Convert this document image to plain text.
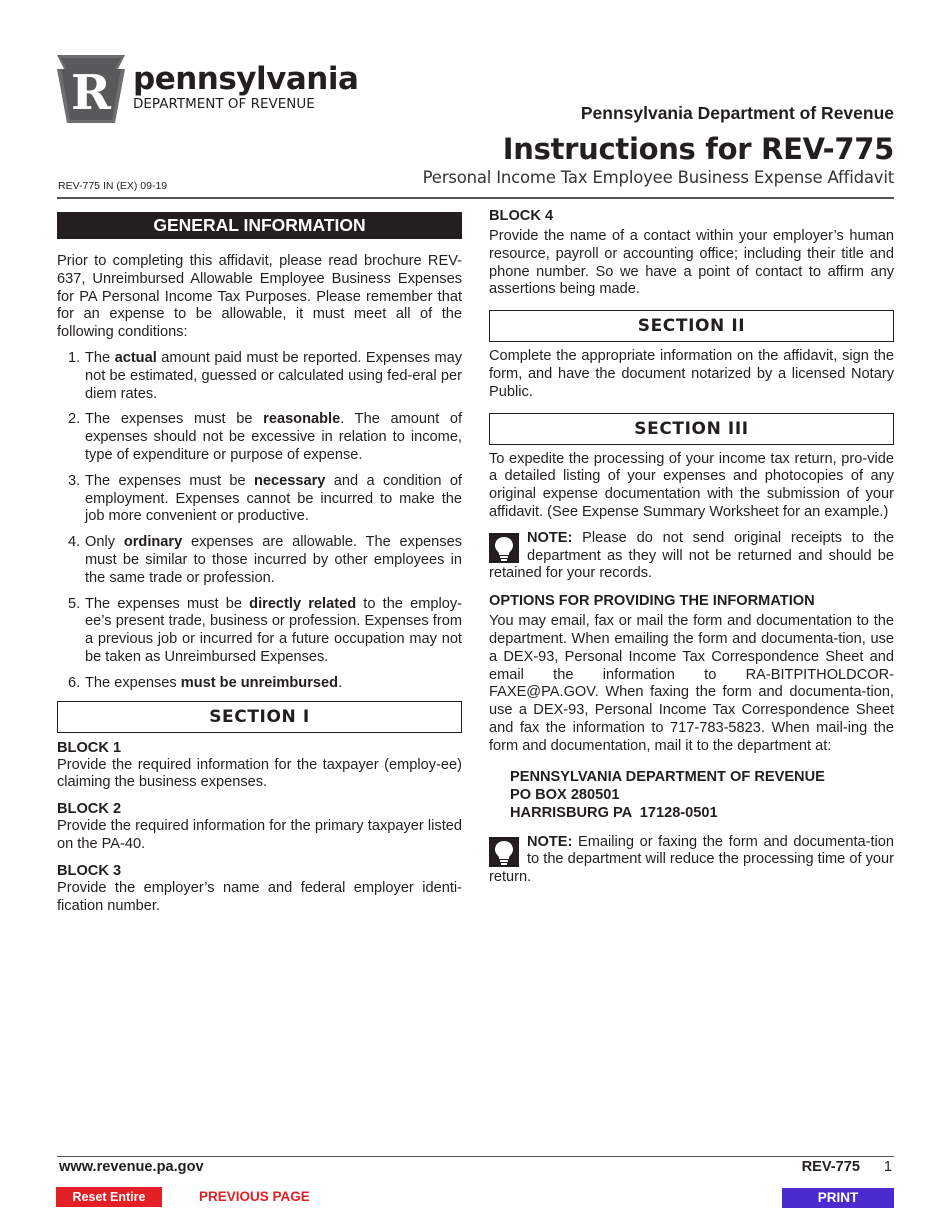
R pennsylvania
DEPARTMENT OF REVENUE	Pennsylvania Department of Revenue
Instructions for REV-775
Personal Income Tax Employee Business Expense Affidavit
REV-775 IN (EX) 09-19
GENERAL INFORMATION

Prior to completing this affidavit, please read brochure REV-637, Unreimbursed Allowable Employee Business Expenses for PA Personal Income Tax Purposes. Please remember that for an expense to be allowable, it must meet all of the following conditions:

1. The actual amount paid must be reported. Expenses may not be estimated, guessed or calculated using fed-eral per diem rates.
2. The expenses must be reasonable. The amount of expenses should not be excessive in relation to income, type of expenditure or purpose of expense.
3. The expenses must be necessary and a condition of employment. Expenses cannot be incurred to make the job more convenient or productive.
4. Only ordinary expenses are allowable. The expenses must be similar to those incurred by other employees in the same trade or profession.
5. The expenses must be directly related to the employ-ee’s present trade, business or profession. Expenses from a previous job or incurred for a future occupation may not be taken as Unreimbursed Expenses.
6. The expenses must be unreimbursed.
SECTION I
BLOCK 1

Provide the required information for the taxpayer (employ-ee) claiming the business expenses.

BLOCK 2

Provide the required information for the primary taxpayer listed on the PA-40.

BLOCK 3

Provide the employer’s name and federal employer identi-fication number.

BLOCK 4

Provide the name of a contact within your employer’s human resource, payroll or accounting office; including their title and phone number. So we have a point of contact to affirm any assertions being made.

SECTION II

Complete the appropriate information on the affidavit, sign the form, and have the document notarized by a licensed Notary Public.

SECTION III

To expedite the processing of your income tax return, pro-vide a detailed listing of your expenses and photocopies of any original expense documentation with the submission of your affidavit. (See Expense Summary Worksheet for an example.)

NOTE: Please do not send original receipts to the department as they will not be returned and should be retained for your records.

OPTIONS FOR PROVIDING THE INFORMATION

You may email, fax or mail the form and documentation to the department. When emailing the form and documenta-tion, use a DEX-93, Personal Income Tax Correspondence Sheet and email the information to RA-BITPITHOLDCOR-FAXE@PA.GOV. When faxing the form and documenta-tion, use a DEX-93, Personal Income Tax Correspondence Sheet and fax the information to 717-783-5823. When mail-ing the form and documentation, mail it to the department at:

PENNSYLVANIA DEPARTMENT OF REVENUE
PO BOX 280501
HARRISBURG PA  17128-0501

NOTE: Emailing or faxing the form and documenta-tion to the department will reduce the processing time of your return.

www.revenue.pa.gov	REV-775 1
Reset Entire Form
PREVIOUS PAGE	PRINT
